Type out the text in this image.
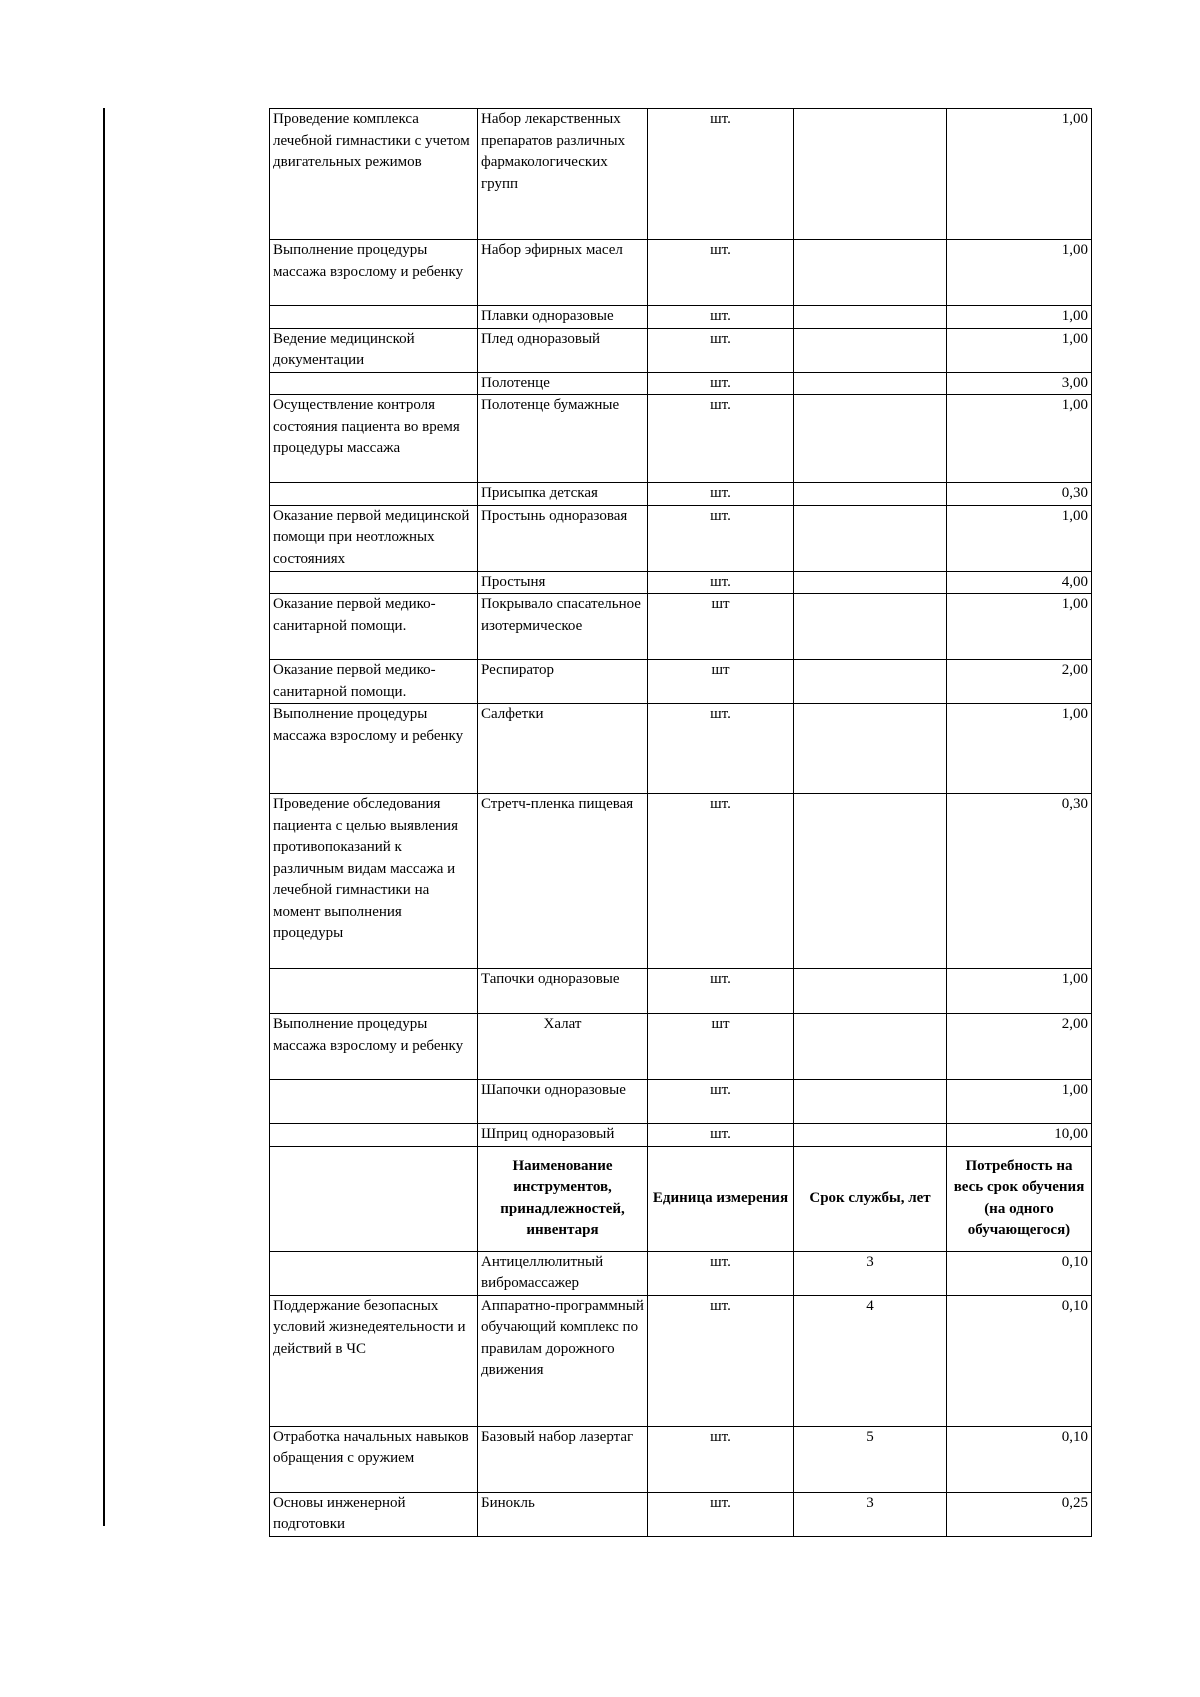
Проведение комплекса лечебной гимнастики с учетом двигательных режимов	Набор лекарственных препаратов различных фармакологических групп	шт.		1,00
Выполнение процедуры массажа взрослому и ребенку	Набор эфирных масел	шт.		1,00
	Плавки одноразовые	шт.		1,00
Ведение медицинской документации	Плед одноразовый	шт.		1,00
	Полотенце	шт.		3,00
Осуществление контроля состояния пациента во время процедуры массажа	Полотенце бумажные	шт.		1,00
	Присыпка детская	шт.		0,30
Оказание первой медицинской помощи при неотложных состояниях	Простынь одноразовая	шт.		1,00
	Простыня	шт.		4,00
Оказание первой медико-санитарной помощи.	Покрывало спасательное изотермическое	шт		1,00
Оказание первой медико-санитарной помощи.	Респиратор	шт		2,00
Выполнение процедуры массажа взрослому и ребенку	Салфетки	шт.		1,00
Проведение обследования пациента с целью выявления противопоказаний к различным видам массажа и лечебной гимнастики на момент выполнения процедуры	Стретч-пленка пищевая	шт.		0,30
	Тапочки одноразовые	шт.		1,00
Выполнение процедуры массажа взрослому и ребенку	Халат	шт		2,00
	Шапочки одноразовые	шт.		1,00
	Шприц одноразовый	шт.		10,00
	Наименование инструментов, принадлежностей, инвентаря	Единица измерения	Срок службы, лет	Потребность на весь срок обучения (на одного обучающегося)
	Антицеллюлитный вибромассажер	шт.	3	0,10
Поддержание безопасных условий жизнедеятельности и действий в ЧС	Аппаратно-программный обучающий комплекс по правилам дорожного движения	шт.	4	0,10
Отработка начальных навыков обращения с оружием	Базовый набор лазертаг	шт.	5	0,10
Основы инженерной подготовки	Бинокль	шт.	3	0,25
